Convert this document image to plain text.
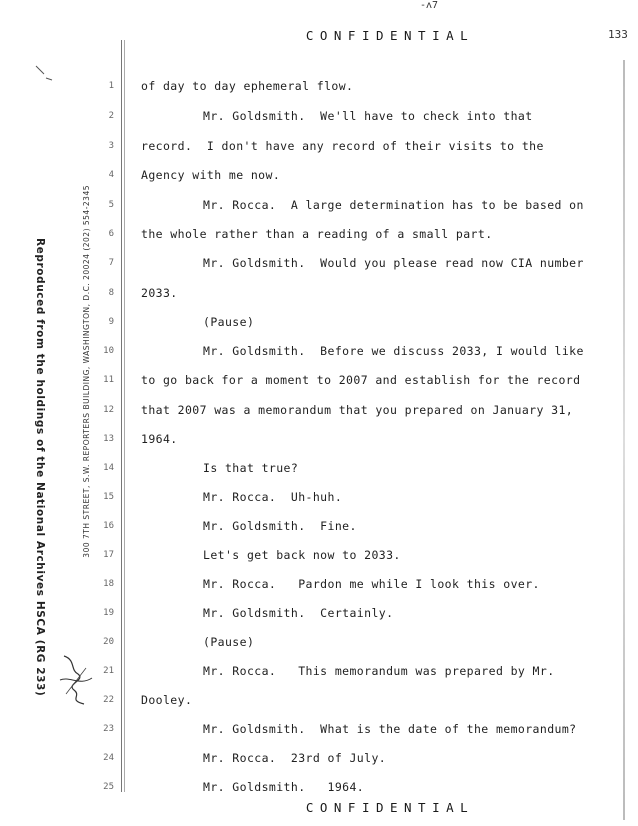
-ᴧ7
CONFIDENTIAL	133
Reproduced from the holdings of the National Archives HSCA (RG 233)	300 7TH STREET, S.W. REPORTERS BUILDING, WASHINGTON, D.C. 20024 (202) 554-2345
1
2
3
4
5
6
7
8
9
10
11
12
13
14
15
16
17
18
19
20
21
22
23
24
25
of day to day ephemeral flow.
Mr. Goldsmith.  We'll have to check into that
record.  I don't have any record of their visits to the
Agency with me now.
Mr. Rocca.  A large determination has to be based on
the whole rather than a reading of a small part.
Mr. Goldsmith.  Would you please read now CIA number
2033.
(Pause)
Mr. Goldsmith.  Before we discuss 2033, I would like
to go back for a moment to 2007 and establish for the record
that 2007 was a memorandum that you prepared on January 31,
1964.
Is that true?
Mr. Rocca.  Uh-huh.
Mr. Goldsmith.  Fine.
Let's get back now to 2033.
Mr. Rocca.   Pardon me while I look this over.
Mr. Goldsmith.  Certainly.
(Pause)
Mr. Rocca.   This memorandum was prepared by Mr.
Dooley.
Mr. Goldsmith.  What is the date of the memorandum?
Mr. Rocca.  23rd of July.
Mr. Goldsmith.   1964.
CONFIDENTIAL
